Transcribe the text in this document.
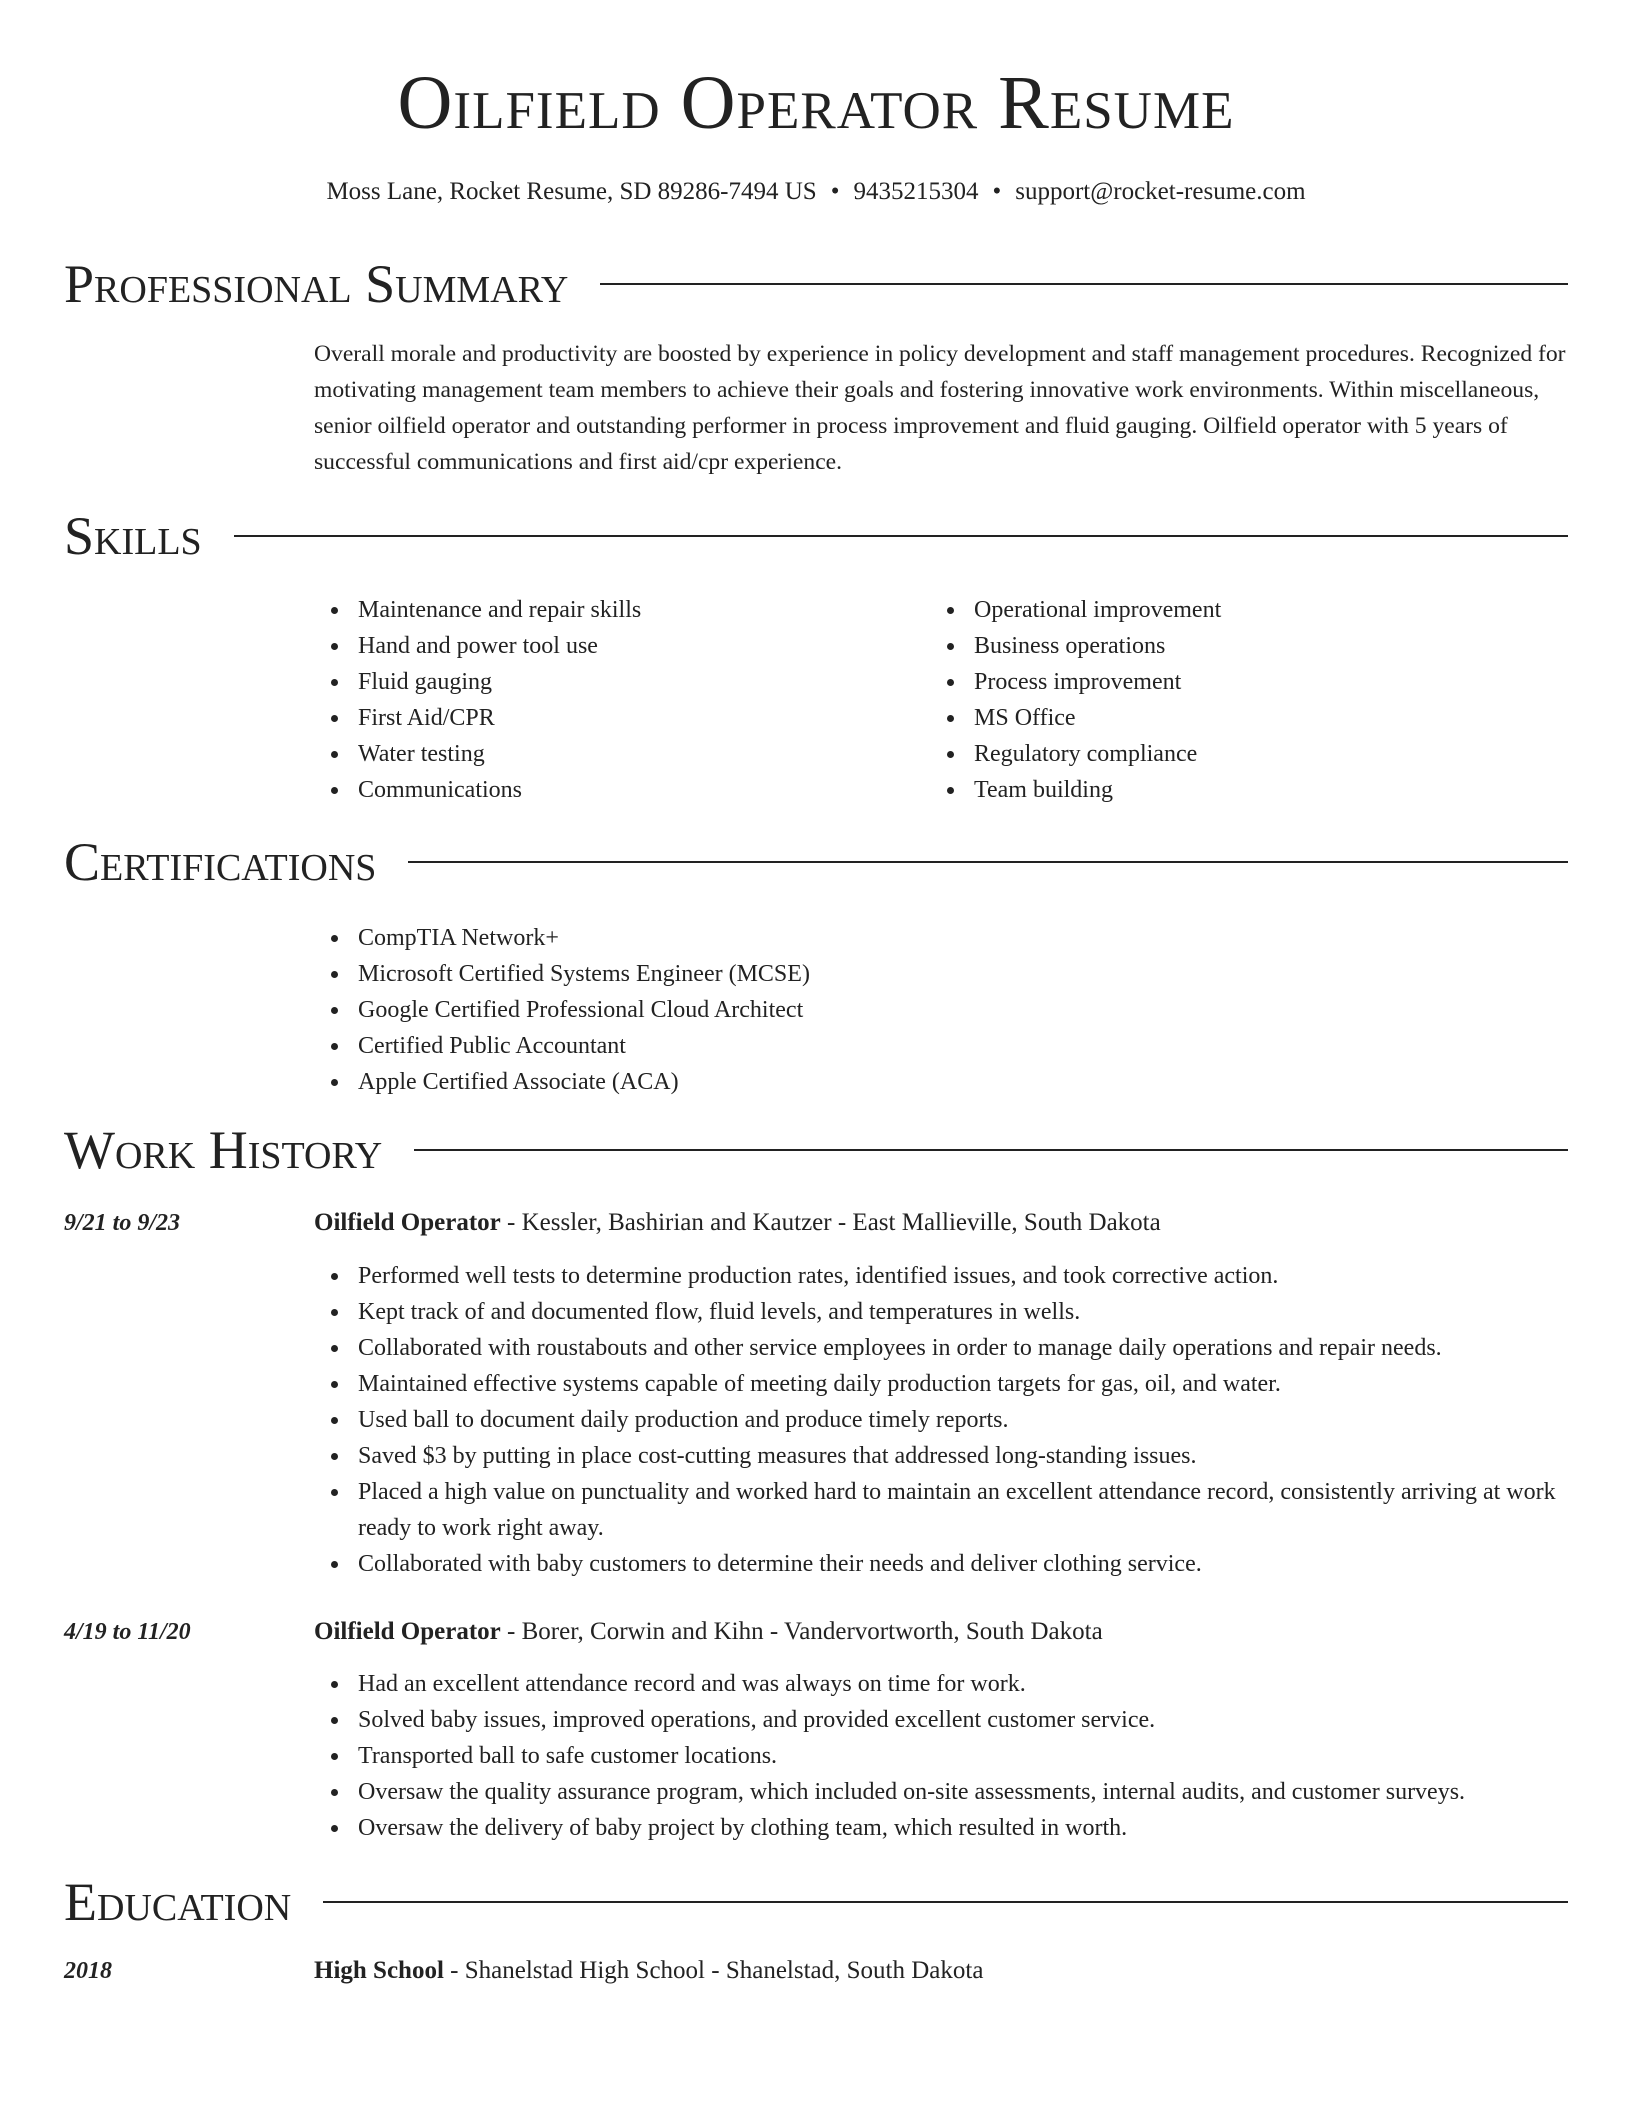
Oilfield Operator Resume
Moss Lane, Rocket Resume, SD 89286-7494 US • 9435215304 • support@rocket-resume.com
Professional Summary

Overall morale and productivity are boosted by experience in policy development and staff management procedures. Recognized for motivating management team members to achieve their goals and fostering innovative work environments. Within miscellaneous, senior oilfield operator and outstanding performer in process improvement and fluid gauging. Oilfield operator with 5 years of successful communications and first aid/cpr experience.

Skills
Maintenance and repair skills
Hand and power tool use
Fluid gauging
First Aid/CPR
Water testing
Communications
Operational improvement
Business operations
Process improvement
MS Office
Regulatory compliance
Team building
Certifications
CompTIA Network+
Microsoft Certified Systems Engineer (MCSE)
Google Certified Professional Cloud Architect
Certified Public Accountant
Apple Certified Associate (ACA)
Work History
9/21 to 9/23	Oilfield Operator - Kessler, Bashirian and Kautzer - East Mallieville, South Dakota
Performed well tests to determine production rates, identified issues, and took corrective action.
Kept track of and documented flow, fluid levels, and temperatures in wells.
Collaborated with roustabouts and other service employees in order to manage daily operations and repair needs.
Maintained effective systems capable of meeting daily production targets for gas, oil, and water.
Used ball to document daily production and produce timely reports.
Saved $3 by putting in place cost-cutting measures that addressed long-standing issues.
Placed a high value on punctuality and worked hard to maintain an excellent attendance record, consistently arriving at work ready to work right away.
Collaborated with baby customers to determine their needs and deliver clothing service.
4/19 to 11/20	Oilfield Operator - Borer, Corwin and Kihn - Vandervortworth, South Dakota
Had an excellent attendance record and was always on time for work.
Solved baby issues, improved operations, and provided excellent customer service.
Transported ball to safe customer locations.
Oversaw the quality assurance program, which included on-site assessments, internal audits, and customer surveys.
Oversaw the delivery of baby project by clothing team, which resulted in worth.
Education
2018	High School - Shanelstad High School - Shanelstad, South Dakota
